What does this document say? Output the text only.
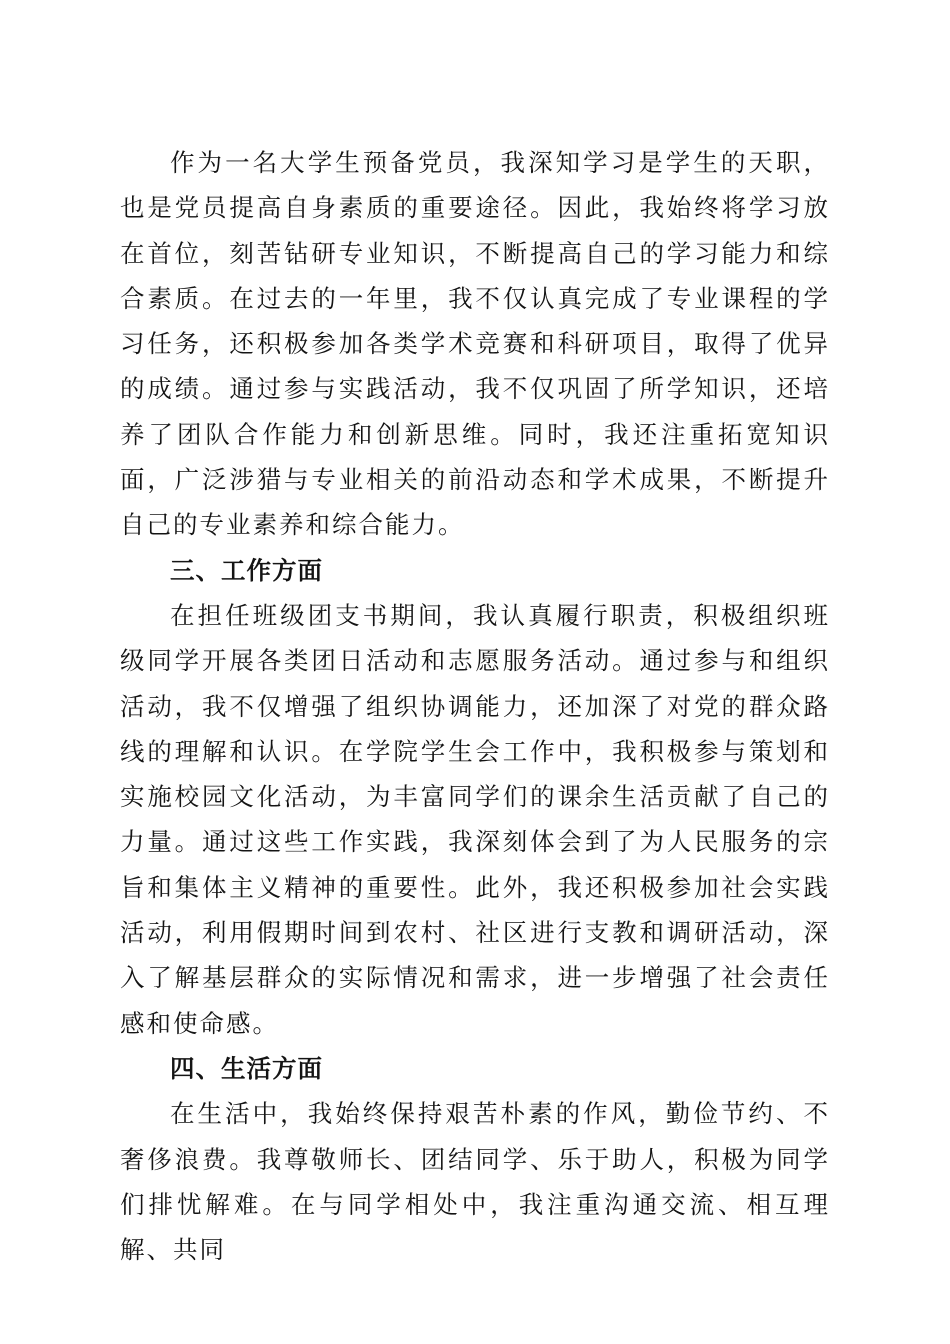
作为一名大学生预备党员，我深知学习是学生的天职，也是党员提高自身素质的重要途径。因此，我始终将学习放在首位，刻苦钻研专业知识，不断提高自己的学习能力和综合素质。在过去的一年里，我不仅认真完成了专业课程的学习任务，还积极参加各类学术竞赛和科研项目，取得了优异的成绩。通过参与实践活动，我不仅巩固了所学知识，还培养了团队合作能力和创新思维。同时，我还注重拓宽知识面，广泛涉猎与专业相关的前沿动态和学术成果，不断提升自己的专业素养和综合能力。

三、工作方面

在担任班级团支书期间，我认真履行职责，积极组织班级同学开展各类团日活动和志愿服务活动。通过参与和组织活动，我不仅增强了组织协调能力，还加深了对党的群众路线的理解和认识。在学院学生会工作中，我积极参与策划和实施校园文化活动，为丰富同学们的课余生活贡献了自己的力量。通过这些工作实践，我深刻体会到了为人民服务的宗旨和集体主义精神的重要性。此外，我还积极参加社会实践活动，利用假期时间到农村、社区进行支教和调研活动，深入了解基层群众的实际情况和需求，进一步增强了社会责任感和使命感。

四、生活方面

在生活中，我始终保持艰苦朴素的作风，勤俭节约、不奢侈浪费。我尊敬师长、团结同学、乐于助人，积极为同学们排忧解难。在与同学相处中，我注重沟通交流、相互理解、共同
